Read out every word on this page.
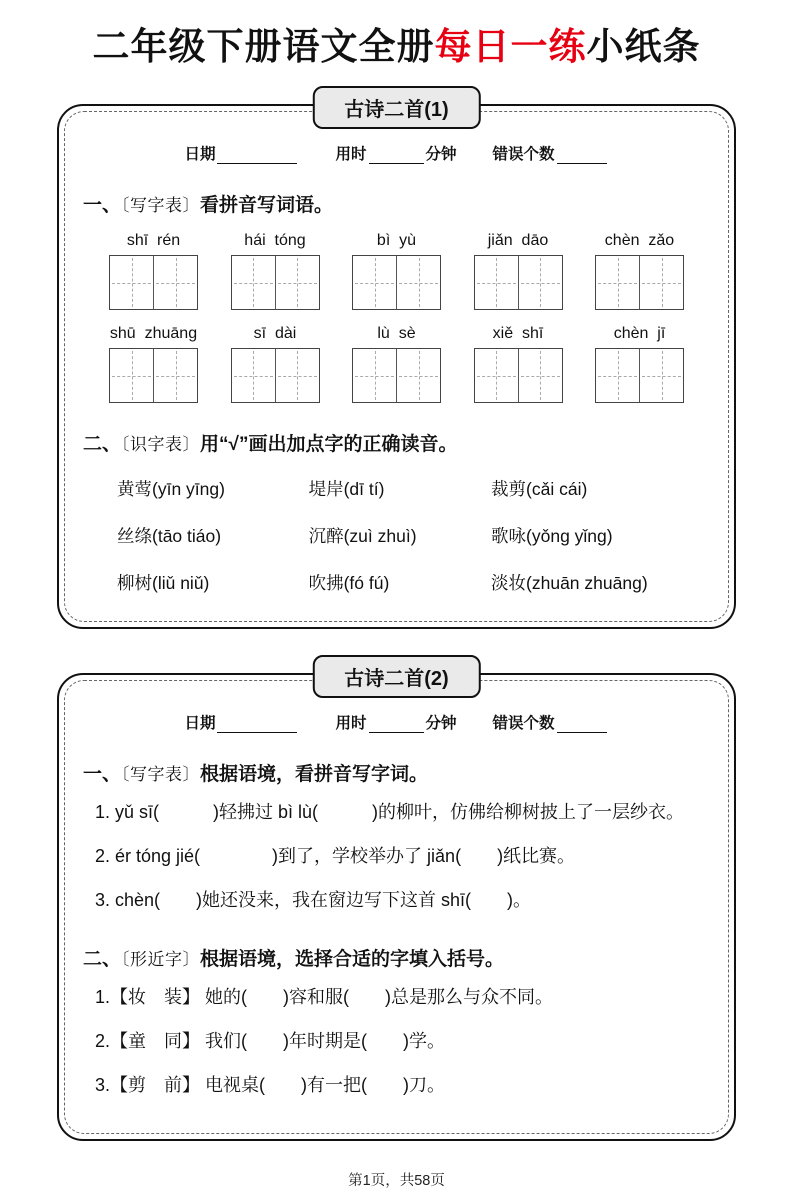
二年级下册语文全册每日一练小纸条
古诗二首(1)
日期	用时	分钟 错误个数
一、〔写字表〕看拼音写词语。
shī  rén	hái  tóng	bì  yù	jiǎn  dāo	chèn  zǎo
shū  zhuāng	sī  dài	lù  sè	xiě  shī	chèn  jī
二、〔识字表〕用“√”画出加点字的正确读音。
黄莺(yīn yīng)	堤岸(dī tí)	裁剪(cǎi cái)
丝绦(tāo tiáo)	沉醉(zuì zhuì)	歌咏(yǒng yǐng)
柳树(liǔ niǔ)	吹拂(fó fú)	淡妆(zhuān zhuāng)
古诗二首(2)
日期	用时	分钟 错误个数
一、〔写字表〕根据语境，看拼音写字词。
1. yǔ sī(　　　)轻拂过 bì lù(　　　)的柳叶，仿佛给柳树披上了一层纱衣。
2. ér tóng jié(　　　　)到了，学校举办了 jiǎn(　　)纸比赛。
3. chèn(　　)她还没来，我在窗边写下这首 shī(　　)。
二、〔形近字〕根据语境，选择合适的字填入括号。
1.【妆　装】 她的(　　)容和服(　　)总是那么与众不同。
2.【童　同】 我们(　　)年时期是(　　)学。
3.【剪　前】 电视桌(　　)有一把(　　)刀。
第1页，共58页
